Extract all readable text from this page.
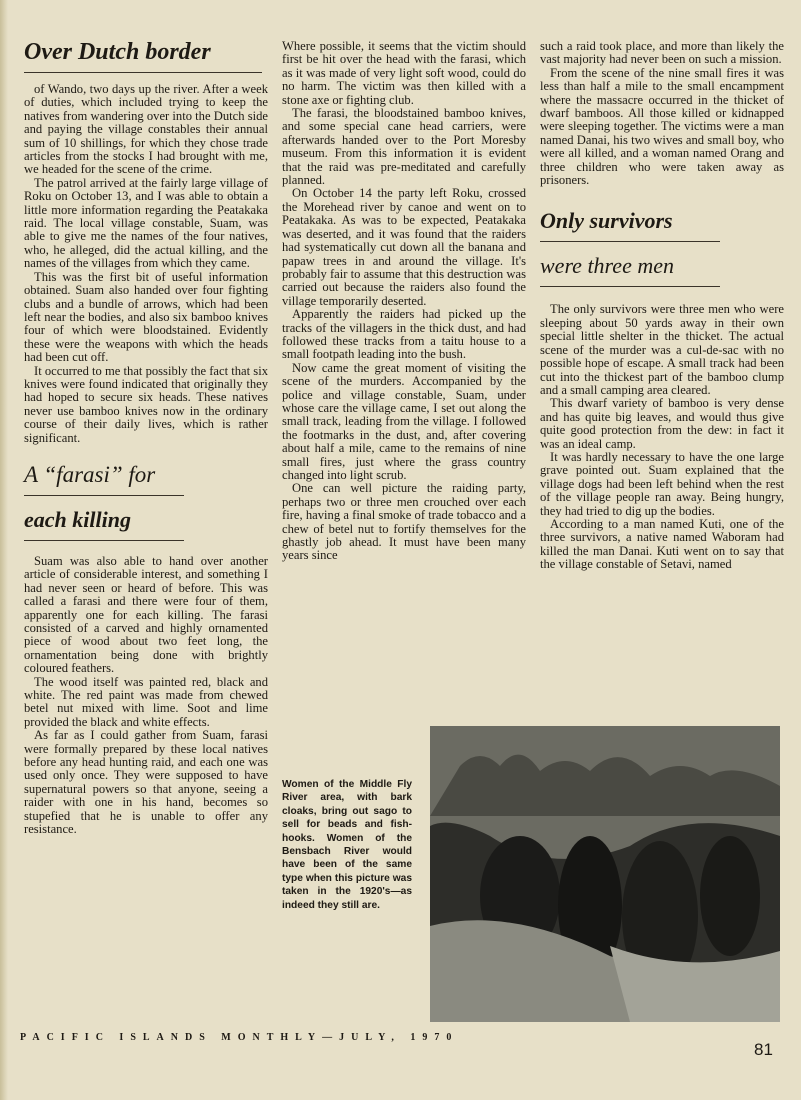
Over Dutch border

of Wando, two days up the river. After a week of duties, which included trying to keep the natives from wandering over into the Dutch side and paying the village constables their annual sum of 10 shillings, for which they chose trade articles from the stocks I had brought with me, we headed for the scene of the crime.

The patrol arrived at the fairly large village of Roku on October 13, and I was able to obtain a little more information regarding the Peatakaka raid. The local village constable, Suam, was able to give me the names of the four natives, who, he alleged, did the actual killing, and the names of the villages from which they came.

This was the first bit of useful information obtained. Suam also handed over four fighting clubs and a bundle of arrows, which had been left near the bodies, and also six bamboo knives four of which were bloodstained. Evidently these were the weapons with which the heads had been cut off.

It occurred to me that possibly the fact that six knives were found indicated that originally they had hoped to secure six heads. These natives never use bamboo knives now in the ordinary course of their daily lives, which is rather significant.

A “farasi” for
each killing

Suam was also able to hand over another article of considerable interest, and something I had never seen or heard of before. This was called a farasi and there were four of them, apparently one for each killing. The farasi consisted of a carved and highly ornamented piece of wood about two feet long, the ornamentation being done with brightly coloured feathers.

The wood itself was painted red, black and white. The red paint was made from chewed betel nut mixed with lime. Soot and lime provided the black and white effects.

As far as I could gather from Suam, farasi were formally prepared by these local natives before any head hunting raid, and each one was used only once. They were supposed to have supernatural powers so that anyone, seeing a raider with one in his hand, becomes so stupefied that he is unable to offer any resistance.

Where possible, it seems that the victim should first be hit over the head with the farasi, which as it was made of very light soft wood, could do no harm. The victim was then killed with a stone axe or fighting club.

The farasi, the bloodstained bamboo knives, and some special cane head carriers, were afterwards handed over to the Port Moresby museum. From this information it is evident that the raid was pre-meditated and carefully planned.

On October 14 the party left Roku, crossed the Morehead river by canoe and went on to Peatakaka. As was to be expected, Peatakaka was deserted, and it was found that the raiders had systematically cut down all the banana and papaw trees in and around the village. It's probably fair to assume that this destruction was carried out because the raiders also found the village temporarily deserted.

Apparently the raiders had picked up the tracks of the villagers in the thick dust, and had followed these tracks from a taitu house to a small footpath leading into the bush.

Now came the great moment of visiting the scene of the murders. Accompanied by the police and village constable, Suam, under whose care the village came, I set out along the small track, leading from the village. I followed the footmarks in the dust, and, after covering about half a mile, came to the remains of nine small fires, just where the grass country changed into light scrub.

One can well picture the raiding party, perhaps two or three men crouched over each fire, having a final smoke of trade tobacco and a chew of betel nut to fortify themselves for the ghastly job ahead. It must have been many years since

such a raid took place, and more than likely the vast majority had never been on such a mission.

From the scene of the nine small fires it was less than half a mile to the small encampment where the massacre occurred in the thicket of dwarf bamboos. All those killed or kidnapped were sleeping together. The victims were a man named Danai, his two wives and small boy, who were all killed, and a woman named Orang and three children who were taken away as prisoners.

Only survivors
were three men

The only survivors were three men who were sleeping about 50 yards away in their own special little shelter in the thicket. The actual scene of the murder was a cul-de-sac with no possible hope of escape. A small track had been cut into the thickest part of the bamboo clump and a small camping area cleared.

This dwarf variety of bamboo is very dense and has quite big leaves, and would thus give quite good protection from the dew: in fact it was an ideal camp.

It was hardly necessary to have the one large grave pointed out. Suam explained that the village dogs had been left behind when the rest of the village people ran away. Being hungry, they had tried to dig up the bodies.

According to a man named Kuti, one of the three survivors, a native named Waboram had killed the man Danai. Kuti went on to say that the village constable of Setavi, named

Women of the Middle Fly River area, with bark cloaks, bring out sago to sell for beads and fish-hooks. Women of the Bensbach River would have been of the same type when this picture was taken in the 1920's—as indeed they still are.
PACIFIC ISLANDS MONTHLY—JULY, 1970
81
